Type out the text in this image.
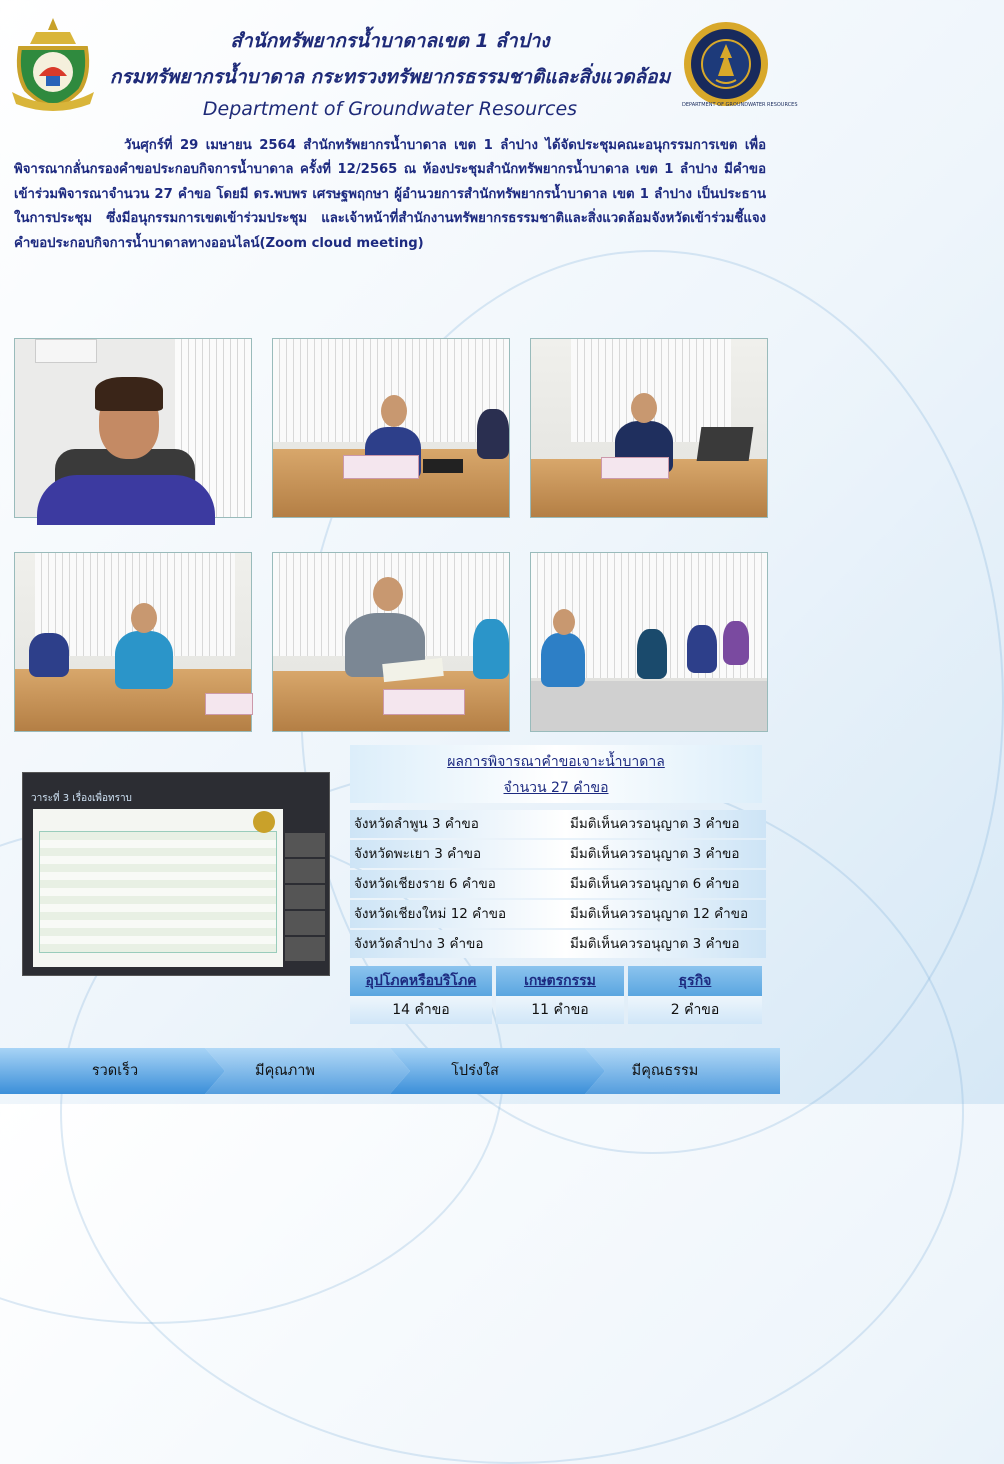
DEPARTMENT OF GROUNDWATER RESOURCES
สำนักทรัพยากรน้ำบาดาลเขต 1 ลำปาง
กรมทรัพยากรน้ำบาดาล กระทรวงทรัพยากรธรรมชาติและสิ่งแวดล้อม
Department of Groundwater Resources
วันศุกร์ที่ 29 เมษายน 2564 สำนักทรัพยากรน้ำบาดาล เขต 1 ลำปาง ได้จัดประชุมคณะอนุกรรมการเขต เพื่อพิจารณากลั่นกรองคำขอประกอบกิจการน้ำบาดาล ครั้งที่ 12/2565 ณ ห้องประชุมสำนักทรัพยากรน้ำบาดาล เขต 1 ลำปาง มีคำขอเข้าร่วมพิจารณาจำนวน 27 คำขอ โดยมี ดร.พบพร เศรษฐพฤกษา ผู้อำนวยการสำนักทรัพยากรน้ำบาดาล เขต 1 ลำปาง เป็นประธานในการประชุม ซึ่งมีอนุกรรมการเขตเข้าร่วมประชุม และเจ้าหน้าที่สำนักงานทรัพยากรธรรมชาติและสิ่งแวดล้อมจังหวัดเข้าร่วมชี้แจงคำขอประกอบกิจการน้ำบาดาลทางออนไลน์(Zoom cloud meeting)
วาระที่ 3 เรื่องเพื่อทราบ
ผลการพิจารณาคำขอเจาะน้ำบาดาล
จำนวน 27 คำขอ
จังหวัดลำพูน 3 คำขอ	มีมติเห็นควรอนุญาต 3 คำขอ
จังหวัดพะเยา 3 คำขอ	มีมติเห็นควรอนุญาต 3 คำขอ
จังหวัดเชียงราย 6 คำขอ	มีมติเห็นควรอนุญาต 6 คำขอ
จังหวัดเชียงใหม่ 12 คำขอ	มีมติเห็นควรอนุญาต 12 คำขอ
จังหวัดลำปาง 3 คำขอ	มีมติเห็นควรอนุญาต 3 คำขอ
อุปโภคหรือบริโภค	เกษตรกรรม	ธุรกิจ
14 คำขอ	11 คำขอ	2 คำขอ
รวดเร็ว	มีคุณภาพ	โปร่งใส	มีคุณธรรม
